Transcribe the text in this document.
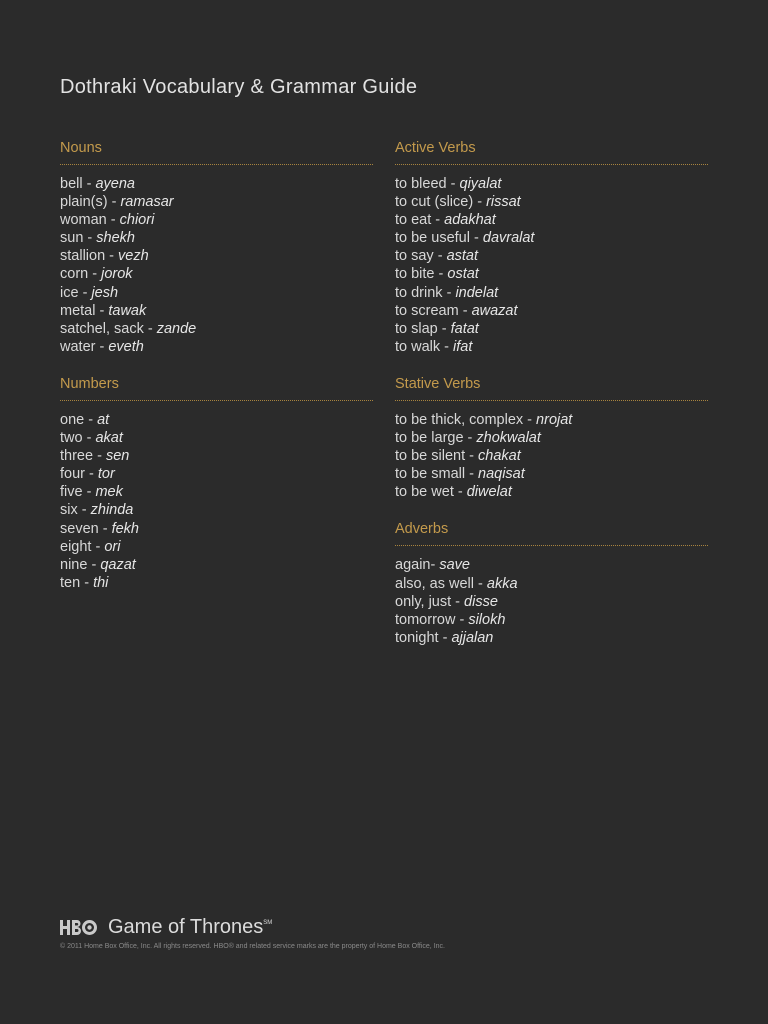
Dothraki Vocabulary & Grammar Guide
Nouns
bell - ayena
plain(s) - ramasar
woman - chiori
sun - shekh
stallion - vezh
corn - jorok
ice - jesh
metal - tawak
satchel, sack - zande
water - eveth
Numbers
one - at
two - akat
three - sen
four - tor
five - mek
six - zhinda
seven - fekh
eight - ori
nine - qazat
ten - thi
Active Verbs
to bleed - qiyalat
to cut (slice) - rissat
to eat - adakhat
to be useful - davralat
to say - astat
to bite - ostat
to drink - indelat
to scream - awazat
to slap - fatat
to walk - ifat
Stative Verbs
to be thick, complex - nrojat
to be large - zhokwalat
to be silent - chakat
to be small - naqisat
to be wet - diwelat
Adverbs
again- save
also, as well - akka
only, just - disse
tomorrow - silokh
tonight - ajjalan
Game of Thrones℠
© 2011 Home Box Office, Inc. All rights reserved. HBO® and related service marks are the property of Home Box Office, Inc.
